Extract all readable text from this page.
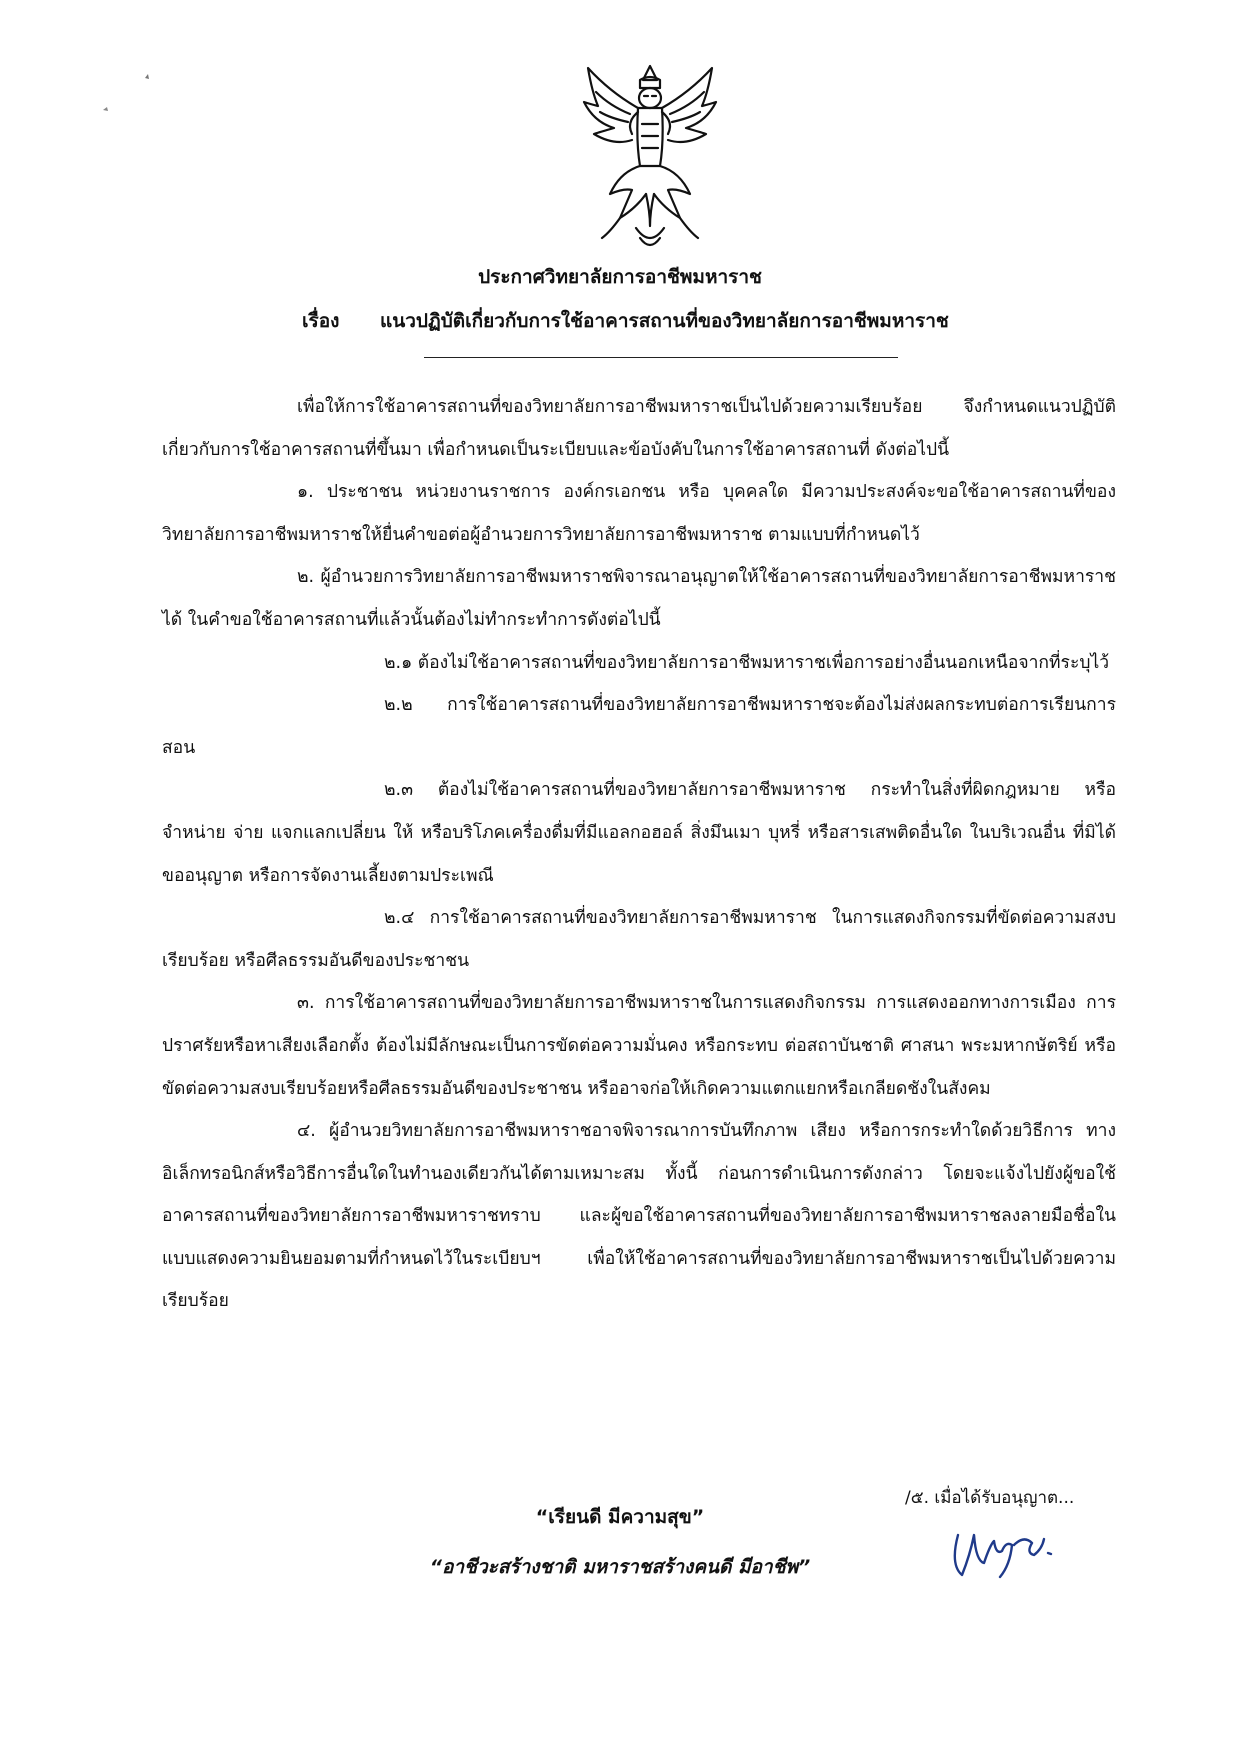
ประกาศวิทยาลัยการอาชีพมหาราช
เรื่อง แนวปฏิบัติเกี่ยวกับการใช้อาคารสถานที่ของวิทยาลัยการอาชีพมหาราช

เพื่อให้การใช้อาคารสถานที่ของวิทยาลัยการอาชีพมหาราชเป็นไปด้วยความเรียบร้อย จึงกำหนดแนวปฏิบัติเกี่ยวกับการใช้อาคารสถานที่ขึ้นมา เพื่อกำหนดเป็นระเบียบและข้อบังคับในการใช้อาคารสถานที่ ดังต่อไปนี้

๑. ประชาชน หน่วยงานราชการ องค์กรเอกชน หรือ บุคคลใด มีความประสงค์จะขอใช้อาคารสถานที่ของวิทยาลัยการอาชีพมหาราชให้ยื่นคำขอต่อผู้อำนวยการวิทยาลัยการอาชีพมหาราช ตามแบบที่กำหนดไว้

๒. ผู้อำนวยการวิทยาลัยการอาชีพมหาราชพิจารณาอนุญาตให้ใช้อาคารสถานที่ของวิทยาลัยการอาชีพมหาราชได้ ในคำขอใช้อาคารสถานที่แล้วนั้นต้องไม่ทำกระทำการดังต่อไปนี้

๒.๑ ต้องไม่ใช้อาคารสถานที่ของวิทยาลัยการอาชีพมหาราชเพื่อการอย่างอื่นนอกเหนือจากที่ระบุไว้

๒.๒ การใช้อาคารสถานที่ของวิทยาลัยการอาชีพมหาราชจะต้องไม่ส่งผลกระทบต่อการเรียนการสอน

๒.๓ ต้องไม่ใช้อาคารสถานที่ของวิทยาลัยการอาชีพมหาราช กระทำในสิ่งที่ผิดกฎหมาย หรือจำหน่าย จ่าย แจกแลกเปลี่ยน ให้ หรือบริโภคเครื่องดื่มที่มีแอลกอฮอล์ สิ่งมึนเมา บุหรี่ หรือสารเสพติดอื่นใด ในบริเวณอื่น ที่มิได้ขออนุญาต หรือการจัดงานเลี้ยงตามประเพณี

๒.๔ การใช้อาคารสถานที่ของวิทยาลัยการอาชีพมหาราช ในการแสดงกิจกรรมที่ขัดต่อความสงบเรียบร้อย หรือศีลธรรมอันดีของประชาชน

๓. การใช้อาคารสถานที่ของวิทยาลัยการอาชีพมหาราชในการแสดงกิจกรรม การแสดงออกทางการเมือง การปราศรัยหรือหาเสียงเลือกตั้ง ต้องไม่มีลักษณะเป็นการขัดต่อความมั่นคง หรือกระทบ ต่อสถาบันชาติ ศาสนา พระมหากษัตริย์ หรือขัดต่อความสงบเรียบร้อยหรือศีลธรรมอันดีของประชาชน หรืออาจก่อให้เกิดความแตกแยกหรือเกลียดชังในสังคม

๔. ผู้อำนวยวิทยาลัยการอาชีพมหาราชอาจพิจารณาการบันทึกภาพ เสียง หรือการกระทำใดด้วยวิธีการ ทางอิเล็กทรอนิกส์หรือวิธีการอื่นใดในทำนองเดียวกันได้ตามเหมาะสม ทั้งนี้ ก่อนการดำเนินการดังกล่าว โดยจะแจ้งไปยังผู้ขอใช้อาคารสถานที่ของวิทยาลัยการอาชีพมหาราชทราบ และผู้ขอใช้อาคารสถานที่ของวิทยาลัยการอาชีพมหาราชลงลายมือชื่อในแบบแสดงความยินยอมตามที่กำหนดไว้ในระเบียบฯ เพื่อให้ใช้อาคารสถานที่ของวิทยาลัยการอาชีพมหาราชเป็นไปด้วยความเรียบร้อย

/๕. เมื่อได้รับอนุญาต...
“เรียนดี มีความสุข”
“อาชีวะสร้างชาติ มหาราชสร้างคนดี มีอาชีพ”
